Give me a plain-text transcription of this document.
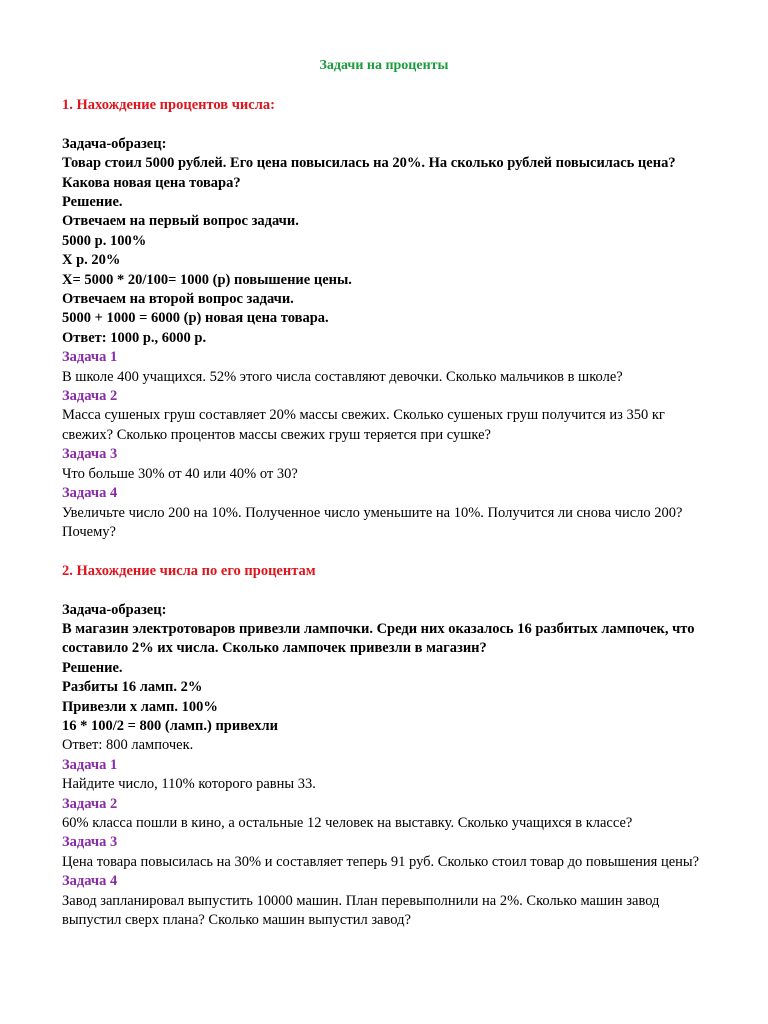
Задачи на проценты

1. Нахождение процентов числа:

Задача-образец:

Товар стоил 5000 рублей. Его цена повысилась на 20%. На сколько рублей повысилась цена? Какова новая цена товара?

Решение.

Отвечаем на первый вопрос задачи.

5000 р. 100%

Х р. 20%

Х= 5000 * 20/100= 1000 (р) повышение цены.

Отвечаем на второй вопрос задачи.

5000 + 1000 = 6000 (р) новая цена товара.

Ответ: 1000 р., 6000 р.

Задача 1

В школе 400 учащихся. 52% этого числа составляют девочки. Сколько мальчиков в школе?

Задача 2

Масса сушеных груш составляет 20% массы свежих. Сколько сушеных груш получится из 350 кг свежих? Сколько процентов массы свежих груш теряется при сушке?

Задача 3

Что больше 30% от 40 или 40% от 30?

Задача 4

Увеличьте число 200 на 10%. Полученное число уменьшите на 10%. Получится ли снова число 200? Почему?

2. Нахождение числа по его процентам

Задача-образец:

В магазин электротоваров привезли лампочки. Среди них оказалось 16 разбитых лампочек, что составило 2% их числа. Сколько лампочек привезли в магазин?

Решение.

Разбиты 16 ламп. 2%

Привезли х ламп. 100%

16 * 100/2 = 800 (ламп.) привехли

Ответ: 800 лампочек.

Задача 1

Найдите число, 110% которого равны 33.

Задача 2

60% класса пошли в кино, а остальные 12 человек на выставку. Сколько учащихся в классе?

Задача 3

Цена товара повысилась на 30% и составляет теперь 91 руб. Сколько стоил товар до повышения цены?

Задача 4

Завод запланировал выпустить 10000 машин. План перевыполнили на 2%. Сколько машин завод выпустил сверх плана? Сколько машин выпустил завод?
